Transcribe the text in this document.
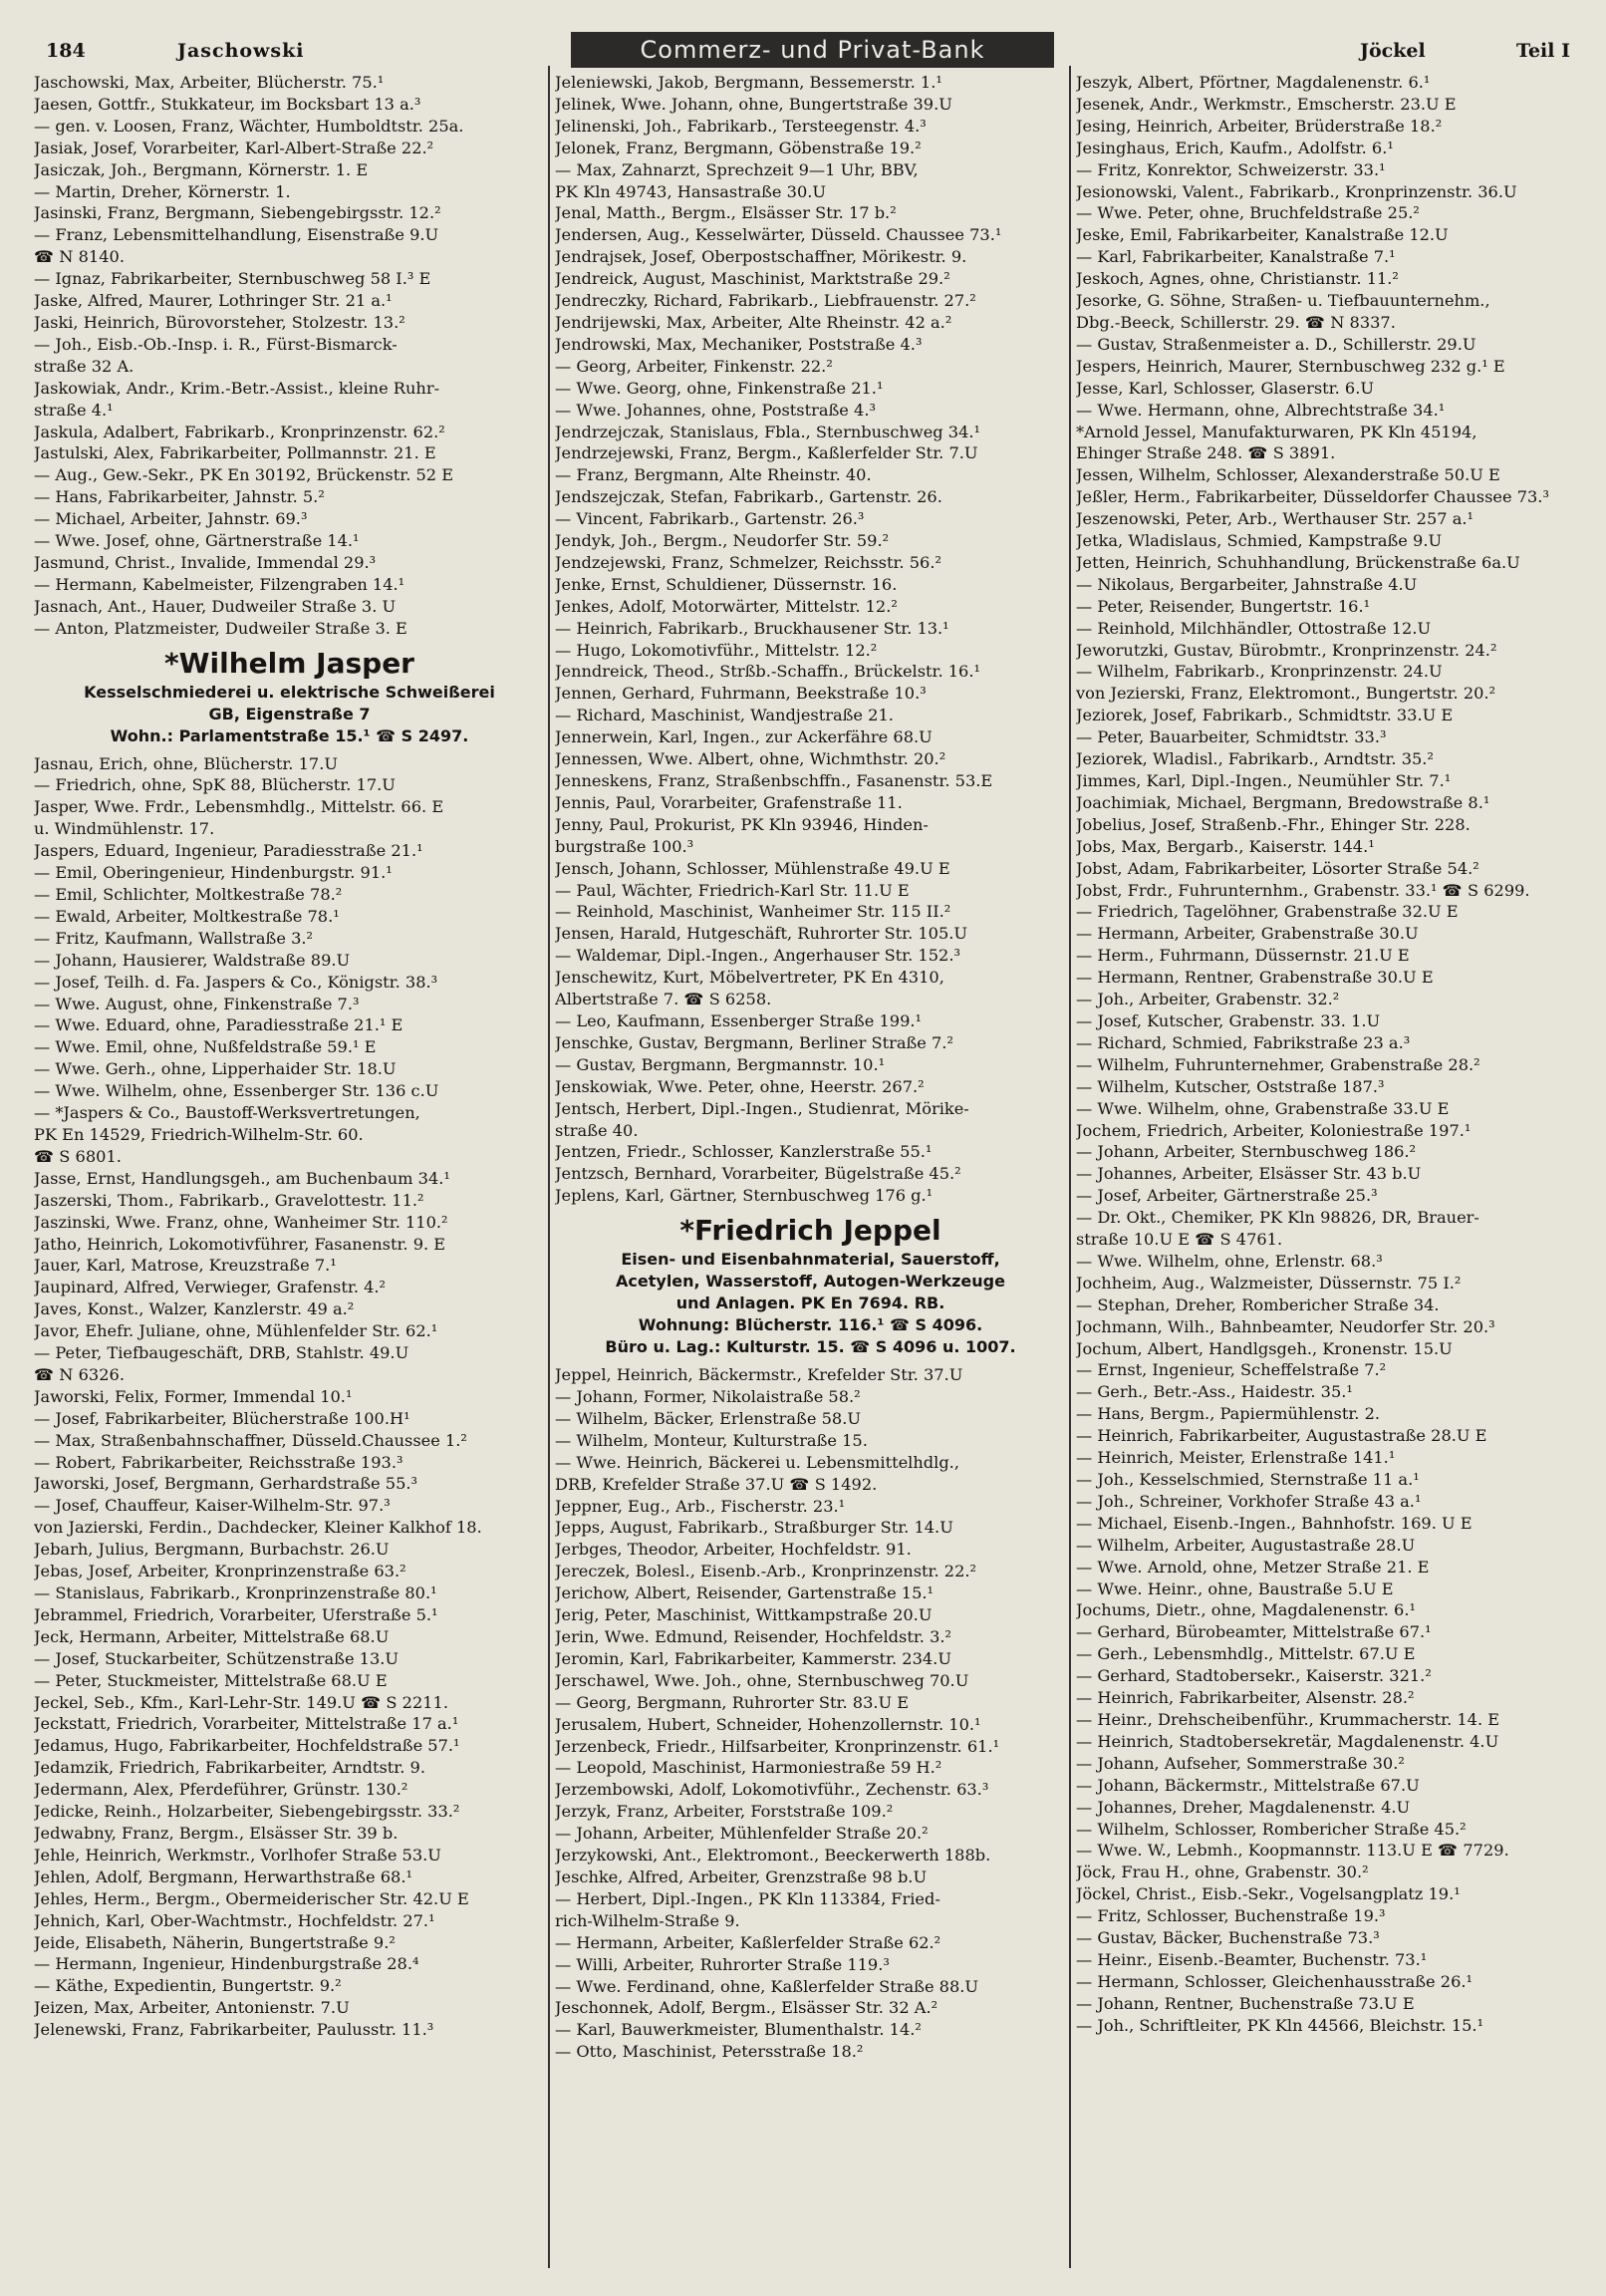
184	Jaschowski	Commerz- und Privat-Bank	Jöckel	Teil I
Jaschowski, Max, Arbeiter, Blücherstr. 75.¹
Jaesen, Gottfr., Stukkateur, im Bocksbart 13 a.³
— gen. v. Loosen, Franz, Wächter, Humboldtstr. 25a.
Jasiak, Josef, Vorarbeiter, Karl-Albert-Straße 22.²
Jasiczak, Joh., Bergmann, Körnerstr. 1. E
— Martin, Dreher, Körnerstr. 1.
Jasinski, Franz, Bergmann, Siebengebirgsstr. 12.²
— Franz, Lebensmittelhandlung, Eisenstraße 9.U
☎ N 8140.
— Ignaz, Fabrikarbeiter, Sternbuschweg 58 I.³ E
Jaske, Alfred, Maurer, Lothringer Str. 21 a.¹
Jaski, Heinrich, Bürovorsteher, Stolzestr. 13.²
— Joh., Eisb.-Ob.-Insp. i. R., Fürst-Bismarck-
straße 32 A.
Jaskowiak, Andr., Krim.-Betr.-Assist., kleine Ruhr-
straße 4.¹
Jaskula, Adalbert, Fabrikarb., Kronprinzenstr. 62.²
Jastulski, Alex, Fabrikarbeiter, Pollmannstr. 21. E
— Aug., Gew.-Sekr., PK En 30192, Brückenstr. 52 E
— Hans, Fabrikarbeiter, Jahnstr. 5.²
— Michael, Arbeiter, Jahnstr. 69.³
— Wwe. Josef, ohne, Gärtnerstraße 14.¹
Jasmund, Christ., Invalide, Immendal 29.³
— Hermann, Kabelmeister, Filzengraben 14.¹
Jasnach, Ant., Hauer, Dudweiler Straße 3. U
— Anton, Platzmeister, Dudweiler Straße 3. E
*Wilhelm Jasper
Kesselschmiederei u. elektrische Schweißerei
GB, Eigenstraße 7
Wohn.: Parlamentstraße 15.¹ ☎ S 2497.
Jasnau, Erich, ohne, Blücherstr. 17.U
— Friedrich, ohne, SpK 88, Blücherstr. 17.U
Jasper, Wwe. Frdr., Lebensmhdlg., Mittelstr. 66. E
u. Windmühlenstr. 17.
Jaspers, Eduard, Ingenieur, Paradiesstraße 21.¹
— Emil, Oberingenieur, Hindenburgstr. 91.¹
— Emil, Schlichter, Moltkestraße 78.²
— Ewald, Arbeiter, Moltkestraße 78.¹
— Fritz, Kaufmann, Wallstraße 3.²
— Johann, Hausierer, Waldstraße 89.U
— Josef, Teilh. d. Fa. Jaspers & Co., Königstr. 38.³
— Wwe. August, ohne, Finkenstraße 7.³
— Wwe. Eduard, ohne, Paradiesstraße 21.¹ E
— Wwe. Emil, ohne, Nußfeldstraße 59.¹ E
— Wwe. Gerh., ohne, Lipperhaider Str. 18.U
— Wwe. Wilhelm, ohne, Essenberger Str. 136 c.U
— *Jaspers & Co., Baustoff-Werksvertretungen,
PK En 14529, Friedrich-Wilhelm-Str. 60.
☎ S 6801.
Jasse, Ernst, Handlungsgeh., am Buchenbaum 34.¹
Jaszerski, Thom., Fabrikarb., Gravelottestr. 11.²
Jaszinski, Wwe. Franz, ohne, Wanheimer Str. 110.²
Jatho, Heinrich, Lokomotivführer, Fasanenstr. 9. E
Jauer, Karl, Matrose, Kreuzstraße 7.¹
Jaupinard, Alfred, Verwieger, Grafenstr. 4.²
Javes, Konst., Walzer, Kanzlerstr. 49 a.²
Javor, Ehefr. Juliane, ohne, Mühlenfelder Str. 62.¹
— Peter, Tiefbaugeschäft, DRB, Stahlstr. 49.U
☎ N 6326.
Jaworski, Felix, Former, Immendal 10.¹
— Josef, Fabrikarbeiter, Blücherstraße 100.H¹
— Max, Straßenbahnschaffner, Düsseld.Chaussee 1.²
— Robert, Fabrikarbeiter, Reichsstraße 193.³
Jaworski, Josef, Bergmann, Gerhardstraße 55.³
— Josef, Chauffeur, Kaiser-Wilhelm-Str. 97.³
von Jazierski, Ferdin., Dachdecker, Kleiner Kalkhof 18.
Jebarh, Julius, Bergmann, Burbachstr. 26.U
Jebas, Josef, Arbeiter, Kronprinzenstraße 63.²
— Stanislaus, Fabrikarb., Kronprinzenstraße 80.¹
Jebrammel, Friedrich, Vorarbeiter, Uferstraße 5.¹
Jeck, Hermann, Arbeiter, Mittelstraße 68.U
— Josef, Stuckarbeiter, Schützenstraße 13.U
— Peter, Stuckmeister, Mittelstraße 68.U E
Jeckel, Seb., Kfm., Karl-Lehr-Str. 149.U ☎ S 2211.
Jeckstatt, Friedrich, Vorarbeiter, Mittelstraße 17 a.¹
Jedamus, Hugo, Fabrikarbeiter, Hochfeldstraße 57.¹
Jedamzik, Friedrich, Fabrikarbeiter, Arndtstr. 9.
Jedermann, Alex, Pferdeführer, Grünstr. 130.²
Jedicke, Reinh., Holzarbeiter, Siebengebirgsstr. 33.²
Jedwabny, Franz, Bergm., Elsässer Str. 39 b.
Jehle, Heinrich, Werkmstr., Vorlhofer Straße 53.U
Jehlen, Adolf, Bergmann, Herwarthstraße 68.¹
Jehles, Herm., Bergm., Obermeiderischer Str. 42.U E
Jehnich, Karl, Ober-Wachtmstr., Hochfeldstr. 27.¹
Jeide, Elisabeth, Näherin, Bungertstraße 9.²
— Hermann, Ingenieur, Hindenburgstraße 28.⁴
— Käthe, Expedientin, Bungertstr. 9.²
Jeizen, Max, Arbeiter, Antonienstr. 7.U
Jelenewski, Franz, Fabrikarbeiter, Paulusstr. 11.³
Jeleniewski, Jakob, Bergmann, Bessemerstr. 1.¹
Jelinek, Wwe. Johann, ohne, Bungertstraße 39.U
Jelinenski, Joh., Fabrikarb., Tersteegenstr. 4.³
Jelonek, Franz, Bergmann, Göbenstraße 19.²
— Max, Zahnarzt, Sprechzeit 9—1 Uhr, BBV,
PK Kln 49743, Hansastraße 30.U
Jenal, Matth., Bergm., Elsässer Str. 17 b.²
Jendersen, Aug., Kesselwärter, Düsseld. Chaussee 73.¹
Jendrajsek, Josef, Oberpostschaffner, Mörikestr. 9.
Jendreick, August, Maschinist, Marktstraße 29.²
Jendreczky, Richard, Fabrikarb., Liebfrauenstr. 27.²
Jendrijewski, Max, Arbeiter, Alte Rheinstr. 42 a.²
Jendrowski, Max, Mechaniker, Poststraße 4.³
— Georg, Arbeiter, Finkenstr. 22.²
— Wwe. Georg, ohne, Finkenstraße 21.¹
— Wwe. Johannes, ohne, Poststraße 4.³
Jendrzejczak, Stanislaus, Fbla., Sternbuschweg 34.¹
Jendrzejewski, Franz, Bergm., Kaßlerfelder Str. 7.U
— Franz, Bergmann, Alte Rheinstr. 40.
Jendszejczak, Stefan, Fabrikarb., Gartenstr. 26.
— Vincent, Fabrikarb., Gartenstr. 26.³
Jendyk, Joh., Bergm., Neudorfer Str. 59.²
Jendzejewski, Franz, Schmelzer, Reichsstr. 56.²
Jenke, Ernst, Schuldiener, Düssernstr. 16.
Jenkes, Adolf, Motorwärter, Mittelstr. 12.²
— Heinrich, Fabrikarb., Bruckhausener Str. 13.¹
— Hugo, Lokomotivführ., Mittelstr. 12.²
Jenndreick, Theod., Strßb.-Schaffn., Brückelstr. 16.¹
Jennen, Gerhard, Fuhrmann, Beekstraße 10.³
— Richard, Maschinist, Wandjestraße 21.
Jennerwein, Karl, Ingen., zur Ackerfähre 68.U
Jennessen, Wwe. Albert, ohne, Wichmthstr. 20.²
Jenneskens, Franz, Straßenbschffn., Fasanenstr. 53.E
Jennis, Paul, Vorarbeiter, Grafenstraße 11.
Jenny, Paul, Prokurist, PK Kln 93946, Hinden-
burgstraße 100.³
Jensch, Johann, Schlosser, Mühlenstraße 49.U E
— Paul, Wächter, Friedrich-Karl Str. 11.U E
— Reinhold, Maschinist, Wanheimer Str. 115 II.²
Jensen, Harald, Hutgeschäft, Ruhrorter Str. 105.U
— Waldemar, Dipl.-Ingen., Angerhauser Str. 152.³
Jenschewitz, Kurt, Möbelvertreter, PK En 4310,
Albertstraße 7. ☎ S 6258.
— Leo, Kaufmann, Essenberger Straße 199.¹
Jenschke, Gustav, Bergmann, Berliner Straße 7.²
— Gustav, Bergmann, Bergmannstr. 10.¹
Jenskowiak, Wwe. Peter, ohne, Heerstr. 267.²
Jentsch, Herbert, Dipl.-Ingen., Studienrat, Mörike-
straße 40.
Jentzen, Friedr., Schlosser, Kanzlerstraße 55.¹
Jentzsch, Bernhard, Vorarbeiter, Bügelstraße 45.²
Jeplens, Karl, Gärtner, Sternbuschweg 176 g.¹
*Friedrich Jeppel
Eisen- und Eisenbahnmaterial, Sauerstoff,
Acetylen, Wasserstoff, Autogen-Werkzeuge
und Anlagen. PK En 7694. RB.
Wohnung: Blücherstr. 116.¹ ☎ S 4096.
Büro u. Lag.: Kulturstr. 15. ☎ S 4096 u. 1007.
Jeppel, Heinrich, Bäckermstr., Krefelder Str. 37.U
— Johann, Former, Nikolaistraße 58.²
— Wilhelm, Bäcker, Erlenstraße 58.U
— Wilhelm, Monteur, Kulturstraße 15.
— Wwe. Heinrich, Bäckerei u. Lebensmittelhdlg.,
DRB, Krefelder Straße 37.U ☎ S 1492.
Jeppner, Eug., Arb., Fischerstr. 23.¹
Jepps, August, Fabrikarb., Straßburger Str. 14.U
Jerbges, Theodor, Arbeiter, Hochfeldstr. 91.
Jereczek, Bolesl., Eisenb.-Arb., Kronprinzenstr. 22.²
Jerichow, Albert, Reisender, Gartenstraße 15.¹
Jerig, Peter, Maschinist, Wittkampstraße 20.U
Jerin, Wwe. Edmund, Reisender, Hochfeldstr. 3.²
Jeromin, Karl, Fabrikarbeiter, Kammerstr. 234.U
Jerschawel, Wwe. Joh., ohne, Sternbuschweg 70.U
— Georg, Bergmann, Ruhrorter Str. 83.U E
Jerusalem, Hubert, Schneider, Hohenzollernstr. 10.¹
Jerzenbeck, Friedr., Hilfsarbeiter, Kronprinzenstr. 61.¹
— Leopold, Maschinist, Harmoniestraße 59 H.²
Jerzembowski, Adolf, Lokomotivführ., Zechenstr. 63.³
Jerzyk, Franz, Arbeiter, Forststraße 109.²
— Johann, Arbeiter, Mühlenfelder Straße 20.²
Jerzykowski, Ant., Elektromont., Beeckerwerth 188b.
Jeschke, Alfred, Arbeiter, Grenzstraße 98 b.U
— Herbert, Dipl.-Ingen., PK Kln 113384, Fried-
rich-Wilhelm-Straße 9.
— Hermann, Arbeiter, Kaßlerfelder Straße 62.²
— Willi, Arbeiter, Ruhrorter Straße 119.³
— Wwe. Ferdinand, ohne, Kaßlerfelder Straße 88.U
Jeschonnek, Adolf, Bergm., Elsässer Str. 32 A.²
— Karl, Bauwerkmeister, Blumenthalstr. 14.²
— Otto, Maschinist, Petersstraße 18.²
Jeszyk, Albert, Pförtner, Magdalenenstr. 6.¹
Jesenek, Andr., Werkmstr., Emscherstr. 23.U E
Jesing, Heinrich, Arbeiter, Brüderstraße 18.²
Jesinghaus, Erich, Kaufm., Adolfstr. 6.¹
— Fritz, Konrektor, Schweizerstr. 33.¹
Jesionowski, Valent., Fabrikarb., Kronprinzenstr. 36.U
— Wwe. Peter, ohne, Bruchfeldstraße 25.²
Jeske, Emil, Fabrikarbeiter, Kanalstraße 12.U
— Karl, Fabrikarbeiter, Kanalstraße 7.¹
Jeskoch, Agnes, ohne, Christianstr. 11.²
Jesorke, G. Söhne, Straßen- u. Tiefbauunternehm.,
Dbg.-Beeck, Schillerstr. 29. ☎ N 8337.
— Gustav, Straßenmeister a. D., Schillerstr. 29.U
Jespers, Heinrich, Maurer, Sternbuschweg 232 g.¹ E
Jesse, Karl, Schlosser, Glaserstr. 6.U
— Wwe. Hermann, ohne, Albrechtstraße 34.¹
*Arnold Jessel, Manufakturwaren, PK Kln 45194,
Ehinger Straße 248. ☎ S 3891.
Jessen, Wilhelm, Schlosser, Alexanderstraße 50.U E
Jeßler, Herm., Fabrikarbeiter, Düsseldorfer Chaussee 73.³
Jeszenowski, Peter, Arb., Werthauser Str. 257 a.¹
Jetka, Wladislaus, Schmied, Kampstraße 9.U
Jetten, Heinrich, Schuhhandlung, Brückenstraße 6a.U
— Nikolaus, Bergarbeiter, Jahnstraße 4.U
— Peter, Reisender, Bungertstr. 16.¹
— Reinhold, Milchhändler, Ottostraße 12.U
Jeworutzki, Gustav, Bürobmtr., Kronprinzenstr. 24.²
— Wilhelm, Fabrikarb., Kronprinzenstr. 24.U
von Jezierski, Franz, Elektromont., Bungertstr. 20.²
Jeziorek, Josef, Fabrikarb., Schmidtstr. 33.U E
— Peter, Bauarbeiter, Schmidtstr. 33.³
Jeziorek, Wladisl., Fabrikarb., Arndtstr. 35.²
Jimmes, Karl, Dipl.-Ingen., Neumühler Str. 7.¹
Joachimiak, Michael, Bergmann, Bredowstraße 8.¹
Jobelius, Josef, Straßenb.-Fhr., Ehinger Str. 228.
Jobs, Max, Bergarb., Kaiserstr. 144.¹
Jobst, Adam, Fabrikarbeiter, Lösorter Straße 54.²
Jobst, Frdr., Fuhrunternhm., Grabenstr. 33.¹ ☎ S 6299.
— Friedrich, Tagelöhner, Grabenstraße 32.U E
— Hermann, Arbeiter, Grabenstraße 30.U
— Herm., Fuhrmann, Düssernstr. 21.U E
— Hermann, Rentner, Grabenstraße 30.U E
— Joh., Arbeiter, Grabenstr. 32.²
— Josef, Kutscher, Grabenstr. 33. 1.U
— Richard, Schmied, Fabrikstraße 23 a.³
— Wilhelm, Fuhrunternehmer, Grabenstraße 28.²
— Wilhelm, Kutscher, Oststraße 187.³
— Wwe. Wilhelm, ohne, Grabenstraße 33.U E
Jochem, Friedrich, Arbeiter, Koloniestraße 197.¹
— Johann, Arbeiter, Sternbuschweg 186.²
— Johannes, Arbeiter, Elsässer Str. 43 b.U
— Josef, Arbeiter, Gärtnerstraße 25.³
— Dr. Okt., Chemiker, PK Kln 98826, DR, Brauer-
straße 10.U E ☎ S 4761.
— Wwe. Wilhelm, ohne, Erlenstr. 68.³
Jochheim, Aug., Walzmeister, Düssernstr. 75 I.²
— Stephan, Dreher, Rombericher Straße 34.
Jochmann, Wilh., Bahnbeamter, Neudorfer Str. 20.³
Jochum, Albert, Handlgsgeh., Kronenstr. 15.U
— Ernst, Ingenieur, Scheffelstraße 7.²
— Gerh., Betr.-Ass., Haidestr. 35.¹
— Hans, Bergm., Papiermühlenstr. 2.
— Heinrich, Fabrikarbeiter, Augustastraße 28.U E
— Heinrich, Meister, Erlenstraße 141.¹
— Joh., Kesselschmied, Sternstraße 11 a.¹
— Joh., Schreiner, Vorkhofer Straße 43 a.¹
— Michael, Eisenb.-Ingen., Bahnhofstr. 169. U E
— Wilhelm, Arbeiter, Augustastraße 28.U
— Wwe. Arnold, ohne, Metzer Straße 21. E
— Wwe. Heinr., ohne, Baustraße 5.U E
Jochums, Dietr., ohne, Magdalenenstr. 6.¹
— Gerhard, Bürobeamter, Mittelstraße 67.¹
— Gerh., Lebensmhdlg., Mittelstr. 67.U E
— Gerhard, Stadtobersekr., Kaiserstr. 321.²
— Heinrich, Fabrikarbeiter, Alsenstr. 28.²
— Heinr., Drehscheibenführ., Krummacherstr. 14. E
— Heinrich, Stadtobersekretär, Magdalenenstr. 4.U
— Johann, Aufseher, Sommerstraße 30.²
— Johann, Bäckermstr., Mittelstraße 67.U
— Johannes, Dreher, Magdalenenstr. 4.U
— Wilhelm, Schlosser, Rombericher Straße 45.²
— Wwe. W., Lebmh., Koopmannstr. 113.U E ☎ 7729.
Jöck, Frau H., ohne, Grabenstr. 30.²
Jöckel, Christ., Eisb.-Sekr., Vogelsangplatz 19.¹
— Fritz, Schlosser, Buchenstraße 19.³
— Gustav, Bäcker, Buchenstraße 73.³
— Heinr., Eisenb.-Beamter, Buchenstr. 73.¹
— Hermann, Schlosser, Gleichenhausstraße 26.¹
— Johann, Rentner, Buchenstraße 73.U E
— Joh., Schriftleiter, PK Kln 44566, Bleichstr. 15.¹
